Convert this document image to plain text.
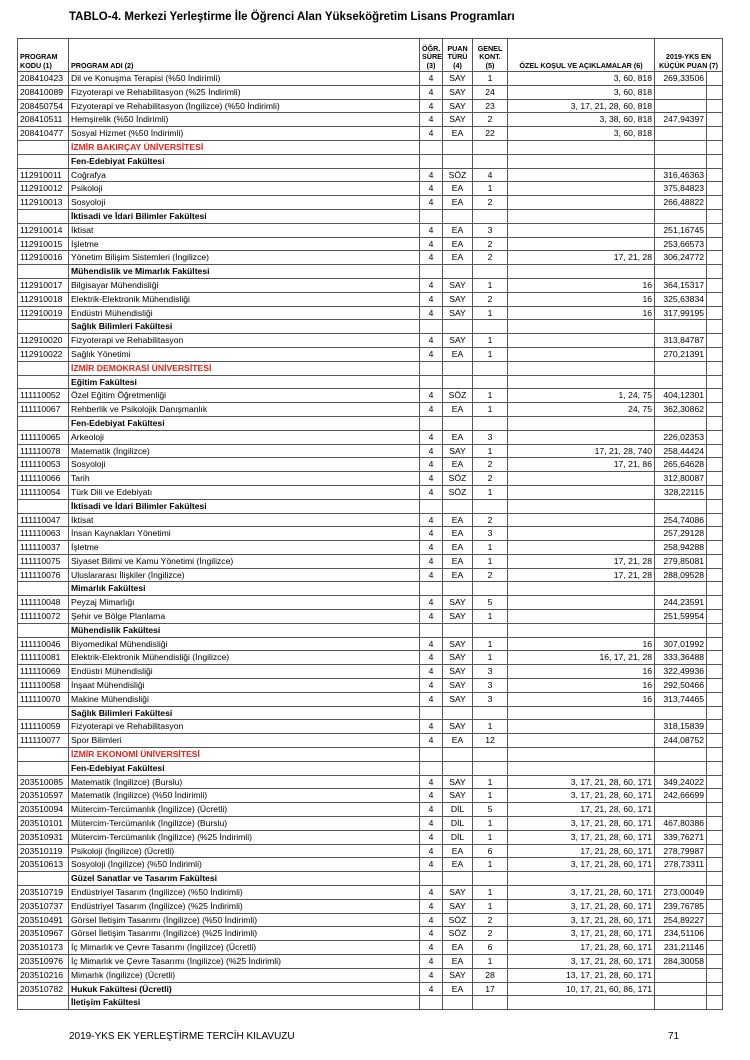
TABLO-4. Merkezi Yerleştirme İle Öğrenci Alan Yükseköğretim Lisans Programları
PROGRAM KODU (1)	PROGRAM ADI (2)	ÖĞR. SÜRE (3)	PUAN TÜRÜ (4)	GENEL KONT. (5)	ÖZEL KOŞUL VE AÇIKLAMALAR (6)	2019-YKS EN KÜÇÜK PUAN (7)	
208410423	Dil ve Konuşma Terapisi (%50 İndirimli)	4	SAY	1	3, 60, 818	269,33506	
208410089	Fizyoterapi ve Rehabilitasyon (%25 İndirimli)	4	SAY	24	3, 60, 818		
208450754	Fizyoterapi ve Rehabilitasyon (İngilizce) (%50 İndirimli)	4	SAY	23	3, 17, 21, 28, 60, 818		
208410511	Hemşirelik (%50 İndirimli)	4	SAY	2	3, 38, 60, 818	247,94397	
208410477	Sosyal Hizmet (%50 İndirimli)	4	EA	22	3, 60, 818		
	İZMİR BAKIRÇAY ÜNİVERSİTESİ						
	Fen-Edebiyat Fakültesi						
112910011	Coğrafya	4	SÖZ	4		316,46363	
112910012	Psikoloji	4	EA	1		375,84823	
112910013	Sosyoloji	4	EA	2		266,48822	
	İktisadi ve İdari Bilimler Fakültesi						
112910014	İktisat	4	EA	3		251,16745	
112910015	İşletme	4	EA	2		253,66573	
112910016	Yönetim Bilişim Sistemleri (İngilizce)	4	EA	2	17, 21, 28	306,24772	
	Mühendislik ve Mimarlık Fakültesi						
112910017	Bilgisayar Mühendisliği	4	SAY	1	16	364,15317	
112910018	Elektrik-Elektronik Mühendisliği	4	SAY	2	16	325,63834	
112910019	Endüstri Mühendisliği	4	SAY	1	16	317,99195	
	Sağlık Bilimleri Fakültesi						
112910020	Fizyoterapi ve Rehabilitasyon	4	SAY	1		313,84787	
112910022	Sağlık Yönetimi	4	EA	1		270,21391	
	İZMİR DEMOKRASİ ÜNİVERSİTESİ						
	Eğitim Fakültesi						
111110052	Özel Eğitim Öğretmenliği	4	SÖZ	1	1, 24, 75	404,12301	
111110067	Rehberlik ve Psikolojik Danışmanlık	4	EA	1	24, 75	362,30862	
	Fen-Edebiyat Fakültesi						
111110065	Arkeoloji	4	EA	3		226,02353	
111110078	Matematik (İngilizce)	4	SAY	1	17, 21, 28, 740	258,44424	
111110053	Sosyoloji	4	EA	2	17, 21, 86	265,64628	
111110066	Tarih	4	SÖZ	2		312,80087	
111110054	Türk Dili ve Edebiyatı	4	SÖZ	1		328,22115	
	İktisadi ve İdari Bilimler Fakültesi						
111110047	İktisat	4	EA	2		254,74086	
111110063	İnsan Kaynakları Yönetimi	4	EA	3		257,29128	
111110037	İşletme	4	EA	1		258,94288	
111110075	Siyaset Bilimi ve Kamu Yönetimi (İngilizce)	4	EA	1	17, 21, 28	279,85081	
111110076	Uluslararası İlişkiler (İngilizce)	4	EA	2	17, 21, 28	288,09528	
	Mimarlık Fakültesi						
111110048	Peyzaj Mimarlığı	4	SAY	5		244,23591	
111110072	Şehir ve Bölge Planlama	4	SAY	1		251,59954	
	Mühendislik Fakültesi						
111110046	Biyomedikal Mühendisliği	4	SAY	1	16	307,01992	
111110081	Elektrik-Elektronik Mühendisliği (İngilizce)	4	SAY	1	16, 17, 21, 28	333,36488	
111110069	Endüstri Mühendisliği	4	SAY	3	16	322,49936	
111110058	İnşaat Mühendisliği	4	SAY	3	16	292,50466	
111110070	Makine Mühendisliği	4	SAY	3	16	313,74465	
	Sağlık Bilimleri Fakültesi						
111110059	Fizyoterapi ve Rehabilitasyon	4	SAY	1		318,15839	
111110077	Spor Bilimleri	4	EA	12		244,08752	
	İZMİR EKONOMİ ÜNİVERSİTESİ						
	Fen-Edebiyat Fakültesi						
203510085	Matematik (İngilizce) (Burslu)	4	SAY	1	3, 17, 21, 28, 60, 171	349,24022	
203510597	Matematik (İngilizce) (%50 İndirimli)	4	SAY	1	3, 17, 21, 28, 60, 171	242,66699	
203510094	Mütercim-Tercümanlık (İngilizce) (Ücretli)	4	DİL	5	17, 21, 28, 60, 171		
203510101	Mütercim-Tercümanlık (İngilizce) (Burslu)	4	DİL	1	3, 17, 21, 28, 60, 171	467,80386	
203510931	Mütercim-Tercümanlık (İngilizce) (%25 İndirimli)	4	DİL	1	3, 17, 21, 28, 60, 171	339,76271	
203510119	Psikoloji (İngilizce) (Ücretli)	4	EA	6	17, 21, 28, 60, 171	278,79987	
203510613	Sosyoloji (İngilizce) (%50 İndirimli)	4	EA	1	3, 17, 21, 28, 60, 171	278,73311	
	Güzel Sanatlar ve Tasarım Fakültesi						
203510719	Endüstriyel Tasarım (İngilizce) (%50 İndirimli)	4	SAY	1	3, 17, 21, 28, 60, 171	273,00049	
203510737	Endüstriyel Tasarım (İngilizce) (%25 İndirimli)	4	SAY	1	3, 17, 21, 28, 60, 171	239,76785	
203510491	Görsel İletişim Tasarımı (İngilizce) (%50 İndirimli)	4	SÖZ	2	3, 17, 21, 28, 60, 171	254,89227	
203510967	Görsel İletişim Tasarımı (İngilizce) (%25 İndirimli)	4	SÖZ	2	3, 17, 21, 28, 60, 171	234,51106	
203510173	İç Mimarlık ve Çevre Tasarımı (İngilizce) (Ücretli)	4	EA	6	17, 21, 28, 60, 171	231,21146	
203510976	İç Mimarlık ve Çevre Tasarımı (İngilizce) (%25 İndirimli)	4	EA	1	3, 17, 21, 28, 60, 171	284,30058	
203510216	Mimarlık (İngilizce) (Ücretli)	4	SAY	28	13, 17, 21, 28, 60, 171		
203510782	Hukuk Fakültesi (Ücretli)	4	EA	17	10, 17, 21, 60, 86, 171		
	İletişim Fakültesi						
2019-YKS EK YERLEŞTİRME TERCİH KILAVUZU	71
